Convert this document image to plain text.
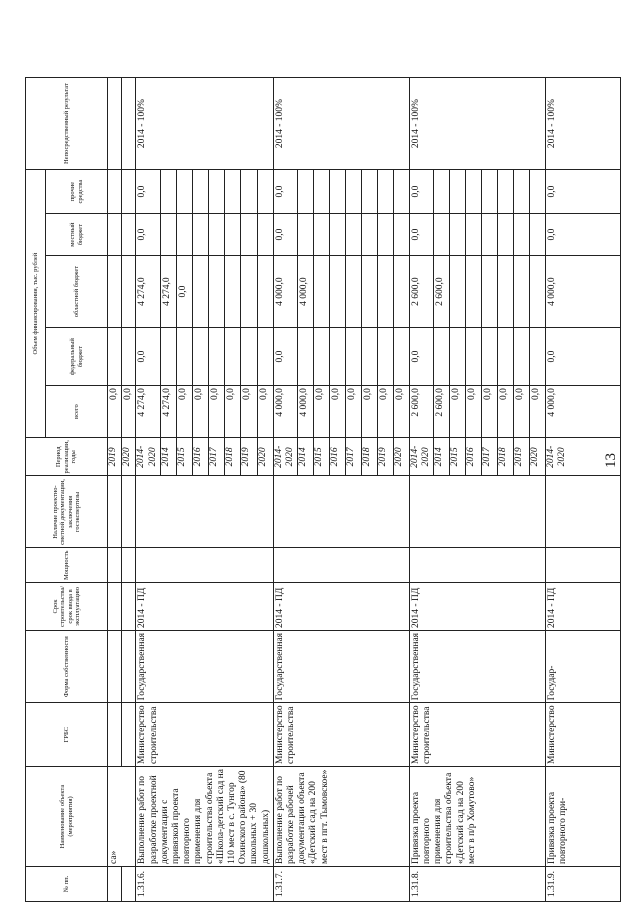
13
№ пп.	Наименование объекта (мероприятия)	ГРБС	Форма собственности	Срок строительства/срок ввода в эксплуатацию	Мощность	Наличие проектно-сметной документации, заключения госэкспертизы	Период реализации, годы	Объем финансирования, тыс. рублей					Непосредственный результат
								всего	федеральный бюджет	областной бюджет	местный бюджет	прочие средства	
	са»						2019	0,0					
							2020	0,0					
1.31.6.	Выполнение работ по разработке проектной документации с привязкой проекта повторного применения для строительства объекта «Школа-детский сад на 110 мест в с. Тунгор Охинского района» (80 школьных + 30 дошкольных)	Министерство строительства	Государственная	2014 - ПД			2014-2020	4 274,0	0,0	4 274,0	0,0	0,0	2014 - 100%
							2014	4 274,0		4 274,0			
							2015	0,0		0,0			
							2016	0,0					
							2017	0,0					
							2018	0,0					
							2019	0,0					
							2020	0,0					
1.31.7.	Выполнение работ по разработке рабочей документации объекта «Детский сад на 200 мест в пгт. Тымовское»	Министерство строительства	Государственная	2014 - ПД			2014-2020	4 000,0	0,0	4 000,0	0,0	0,0	2014 - 100%
							2014	4 000,0		4 000,0			
							2015	0,0					
							2016	0,0					
							2017	0,0					
							2018	0,0					
							2019	0,0					
							2020	0,0					
1.31.8.	Привязка проекта повторного применения для строительства объекта «Детский сад на 200 мест в п/р Хомутово»	Министерство строительства	Государственная	2014 - ПД			2014-2020	2 600,0	0,0	2 600,0	0,0	0,0	2014 - 100%
							2014	2 600,0		2 600,0			
							2015	0,0					
							2016	0,0					
							2017	0,0					
							2018	0,0					
							2019	0,0					
							2020	0,0					
1.31.9.	Привязка проекта повторного при-	Министерство	Государ-	2014 - ПД			2014-2020	4 000,0	0,0	4 000,0	0,0	0,0	2014 - 100%
